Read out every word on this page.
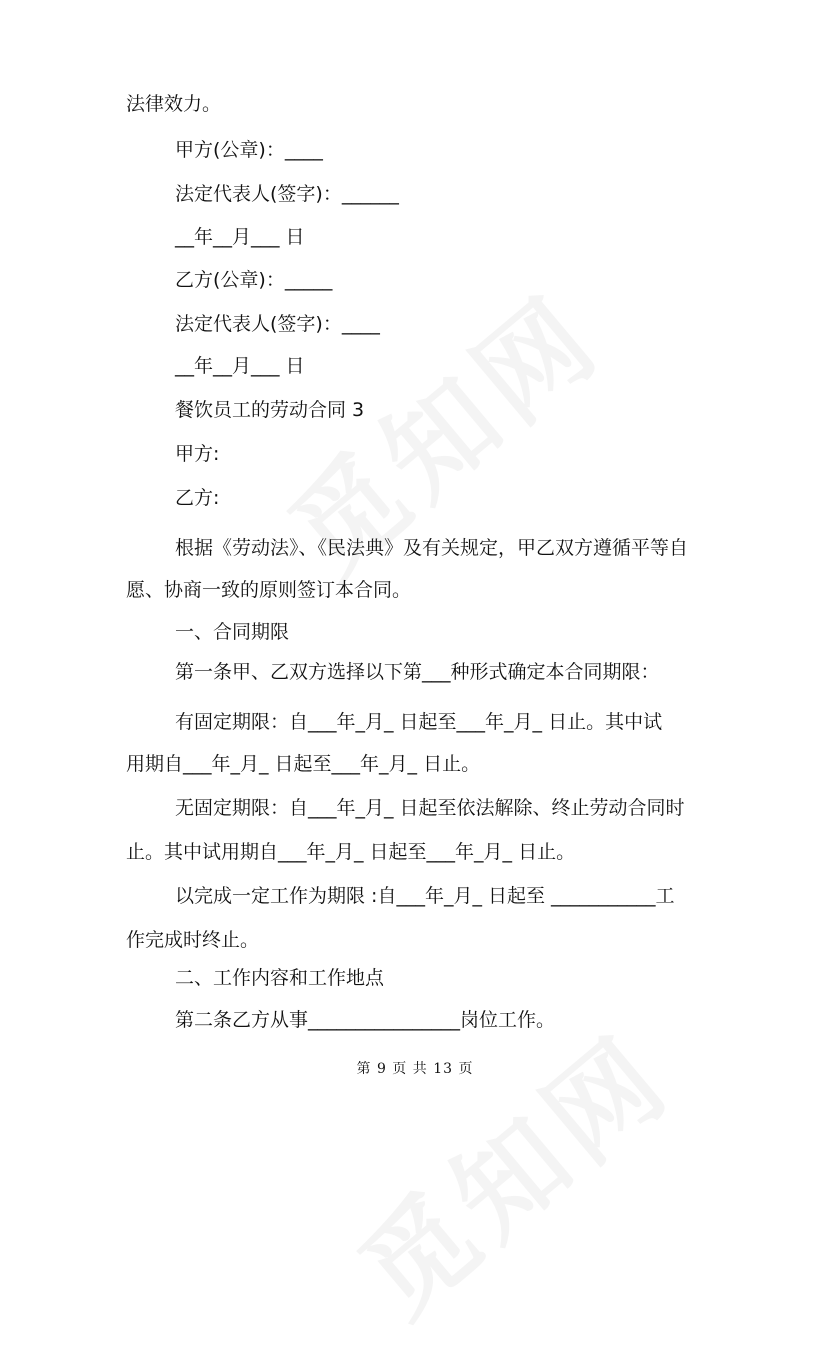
法律效力。
甲方(公章)：____
法定代表人(签字)：______
__年__月___ 日
乙方(公章)：_____
法定代表人(签字)：____
__年__月___ 日
餐饮员工的劳动合同 3
甲方:
乙方:
根据《劳动法》、《民法典》及有关规定，甲乙双方遵循平等自
愿、协商一致的原则签订本合同。
一、合同期限
第一条甲、乙双方选择以下第___种形式确定本合同期限：
有固定期限：自___年_月_ 日起至___年_月_ 日止。其中试
用期自___年_月_ 日起至___年_月_ 日止。
无固定期限：自___年_月_ 日起至依法解除、终止劳动合同时
止。其中试用期自___年_月_ 日起至___年_月_ 日止。
以完成一定工作为期限 :自___年_月_ 日起至 ___________工
作完成时终止。
二、工作内容和工作地点
第二条乙方从事________________岗位工作。
第 9 页 共 13 页
